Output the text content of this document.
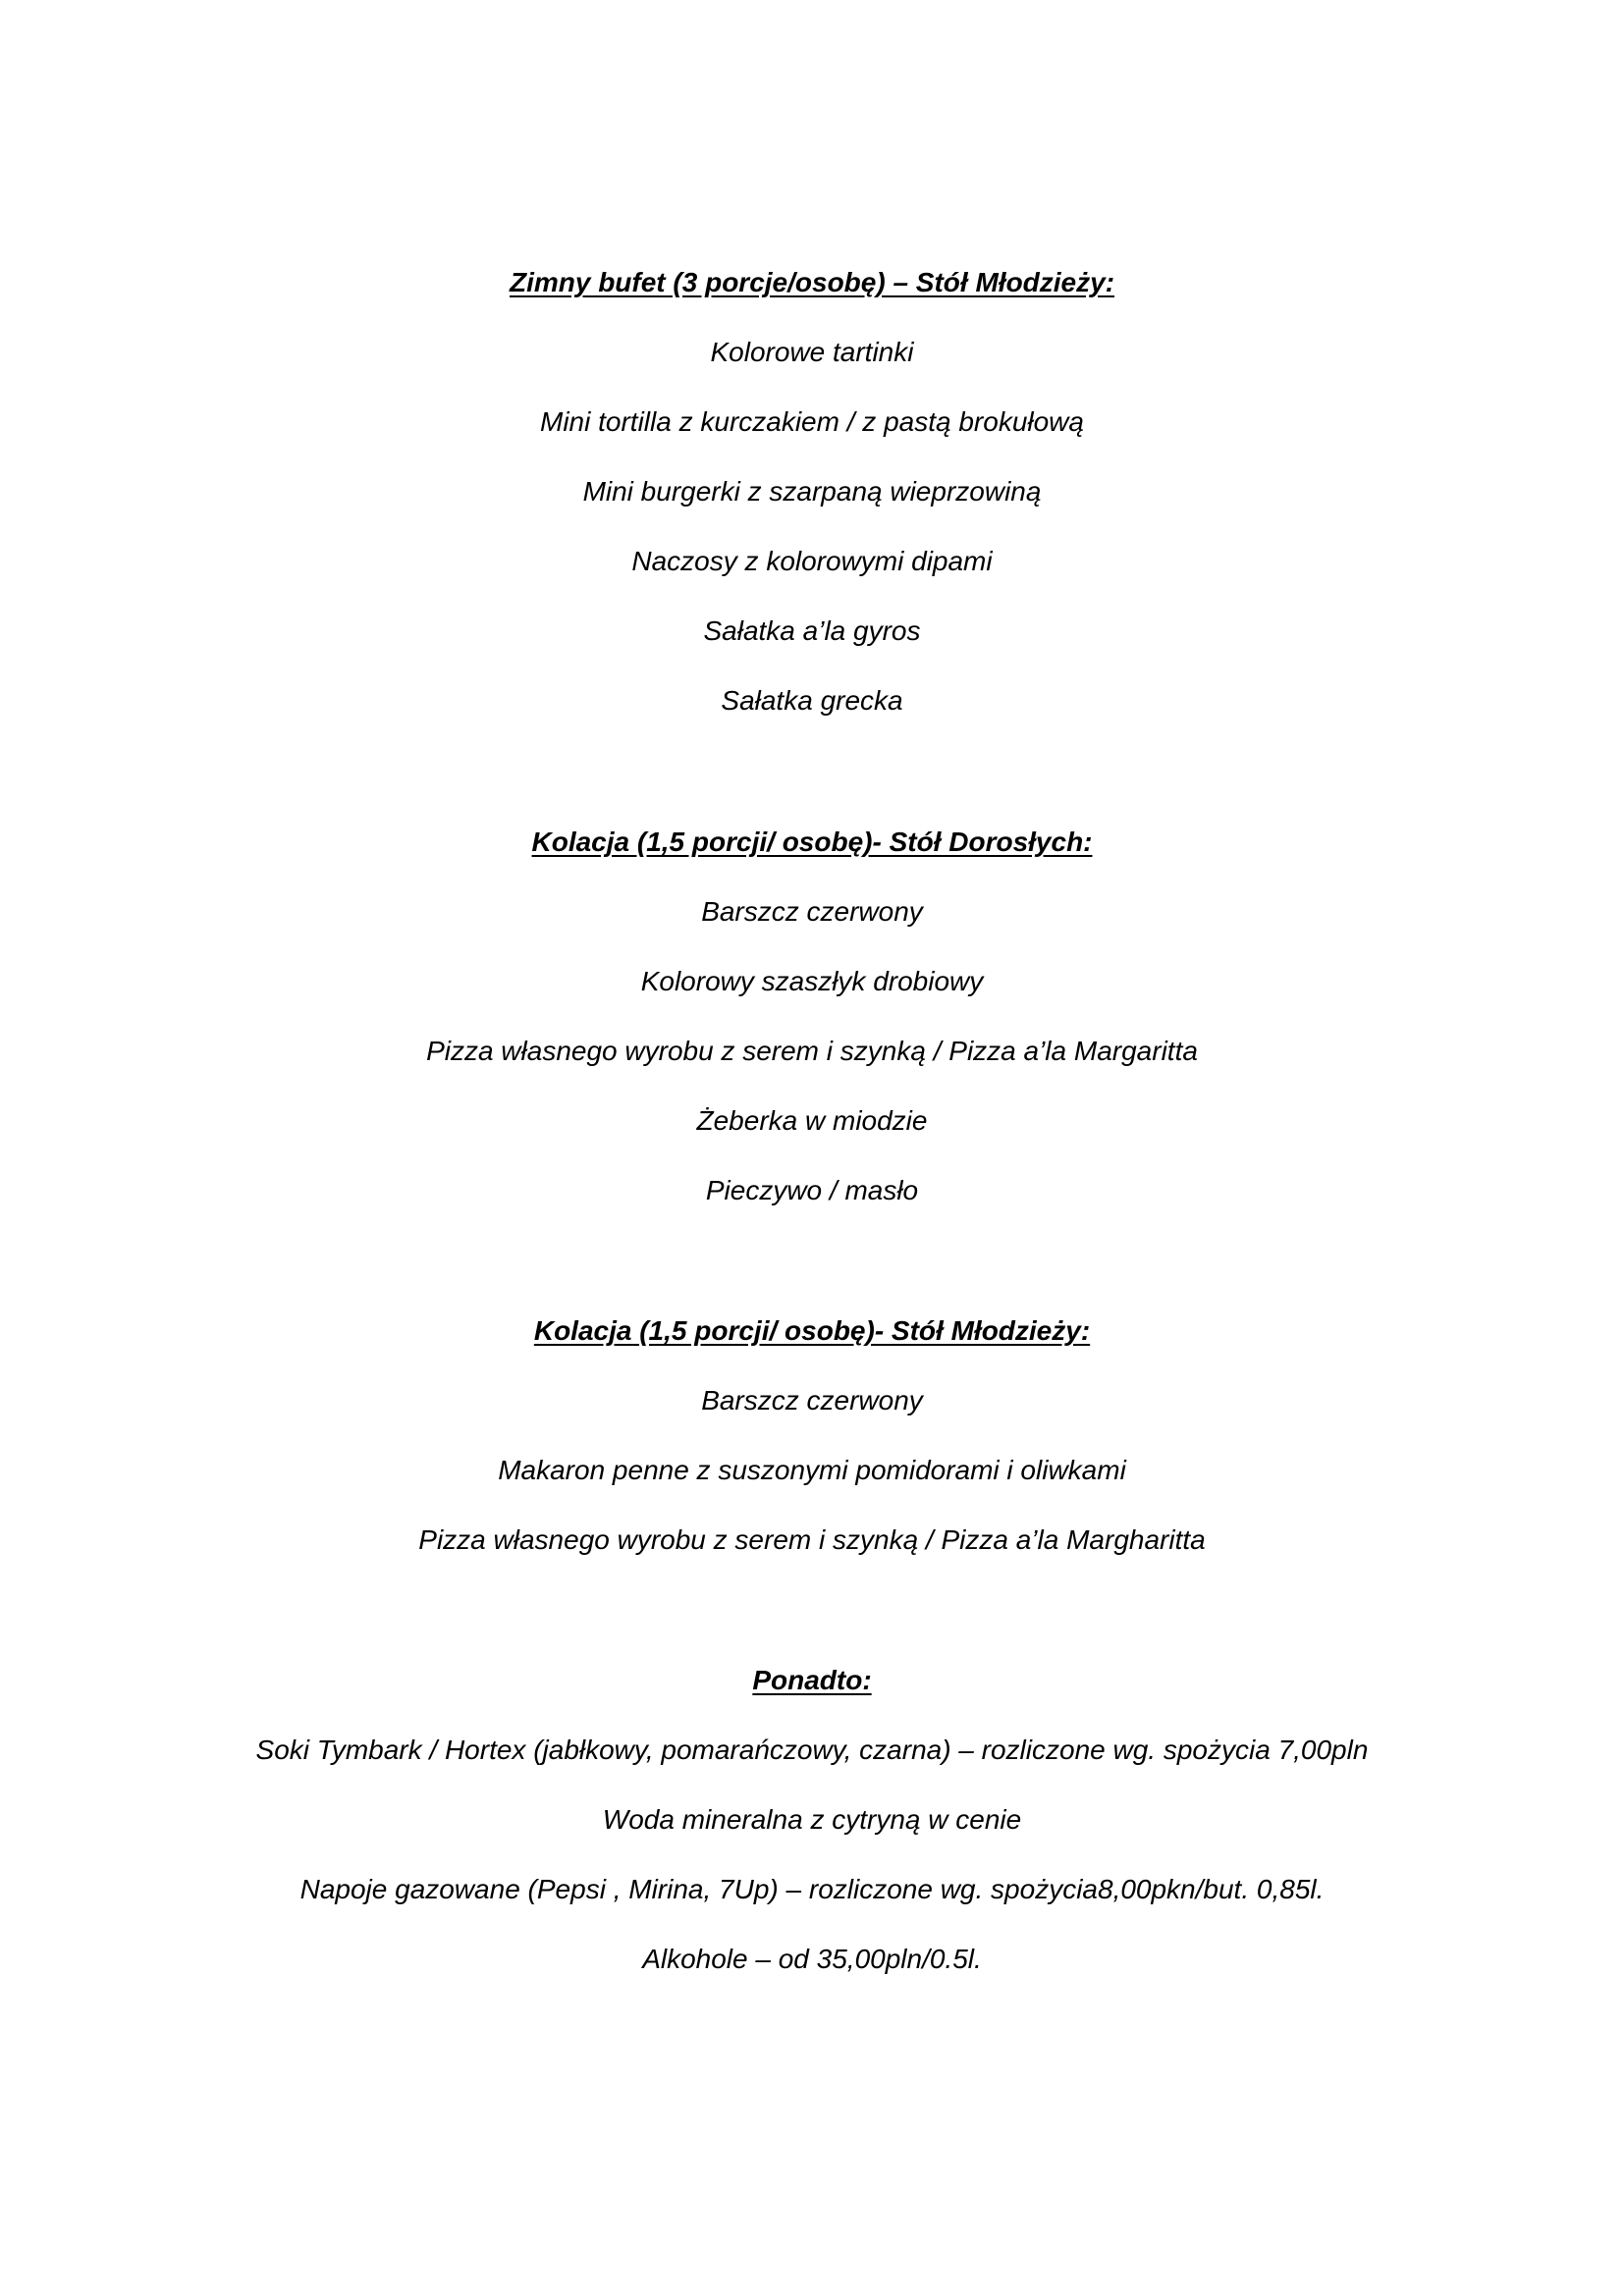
Zimny bufet (3 porcje/osobę) – Stół Młodzieży:

Kolorowe tartinki

Mini tortilla z kurczakiem / z pastą brokułową

Mini burgerki z szarpaną wieprzowiną

Naczosy z kolorowymi dipami

Sałatka a’la gyros

Sałatka grecka

Kolacja (1,5 porcji/ osobę)- Stół Dorosłych:

Barszcz czerwony

Kolorowy szaszłyk drobiowy

Pizza własnego wyrobu z serem i szynką / Pizza a’la Margaritta

Żeberka w miodzie

Pieczywo / masło

Kolacja (1,5 porcji/ osobę)- Stół Młodzieży:

Barszcz czerwony

Makaron penne z suszonymi pomidorami i oliwkami

Pizza własnego wyrobu z serem i szynką / Pizza a’la Margharitta

Ponadto:

Soki Tymbark / Hortex (jabłkowy, pomarańczowy, czarna) – rozliczone wg. spożycia 7,00pln

Woda mineralna z cytryną w cenie

Napoje gazowane (Pepsi , Mirina, 7Up) – rozliczone wg. spożycia8,00pkn/but. 0,85l.

Alkohole – od 35,00pln/0.5l.
